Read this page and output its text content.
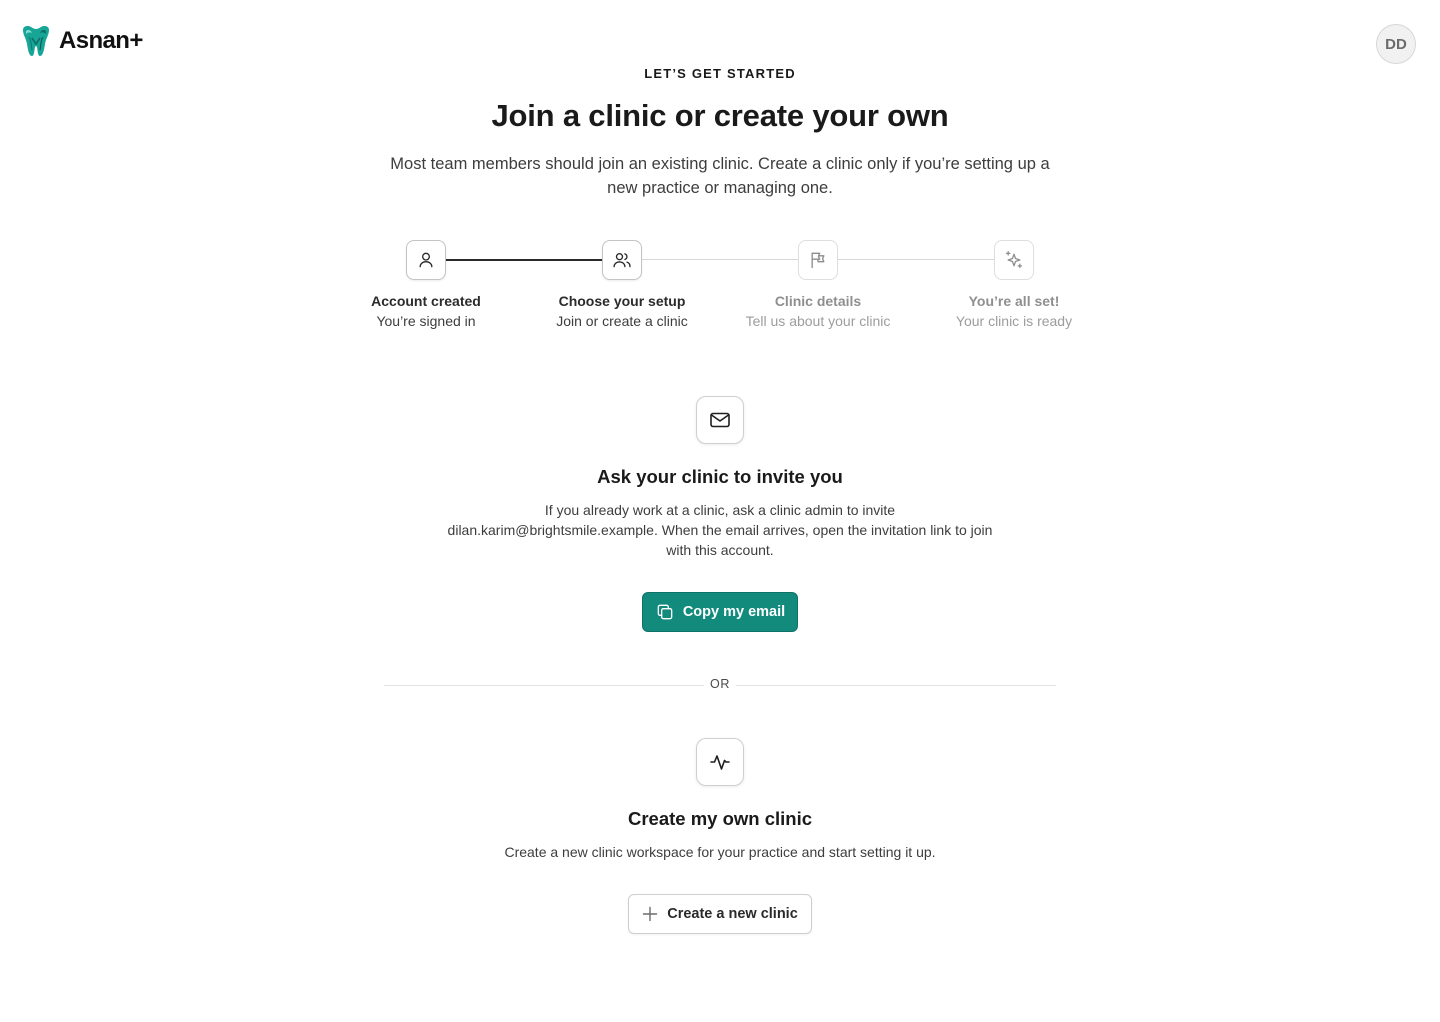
Asnan+	DD
LET’S GET STARTED
Join a clinic or create your own

Most team members should join an existing clinic. Create a clinic only if you’re setting up a new practice or managing one.

Account created
You’re signed in
Choose your setup
Join or create a clinic
Clinic details
Tell us about your clinic
You’re all set!
Your clinic is ready
Ask your clinic to invite you

If you already work at a clinic, ask a clinic admin to invite dilan.karim@brightsmile.example. When the email arrives, open the invitation link to join with this account.

Copy my email
OR
Create my own clinic

Create a new clinic workspace for your practice and start setting it up.

Create a new clinic
